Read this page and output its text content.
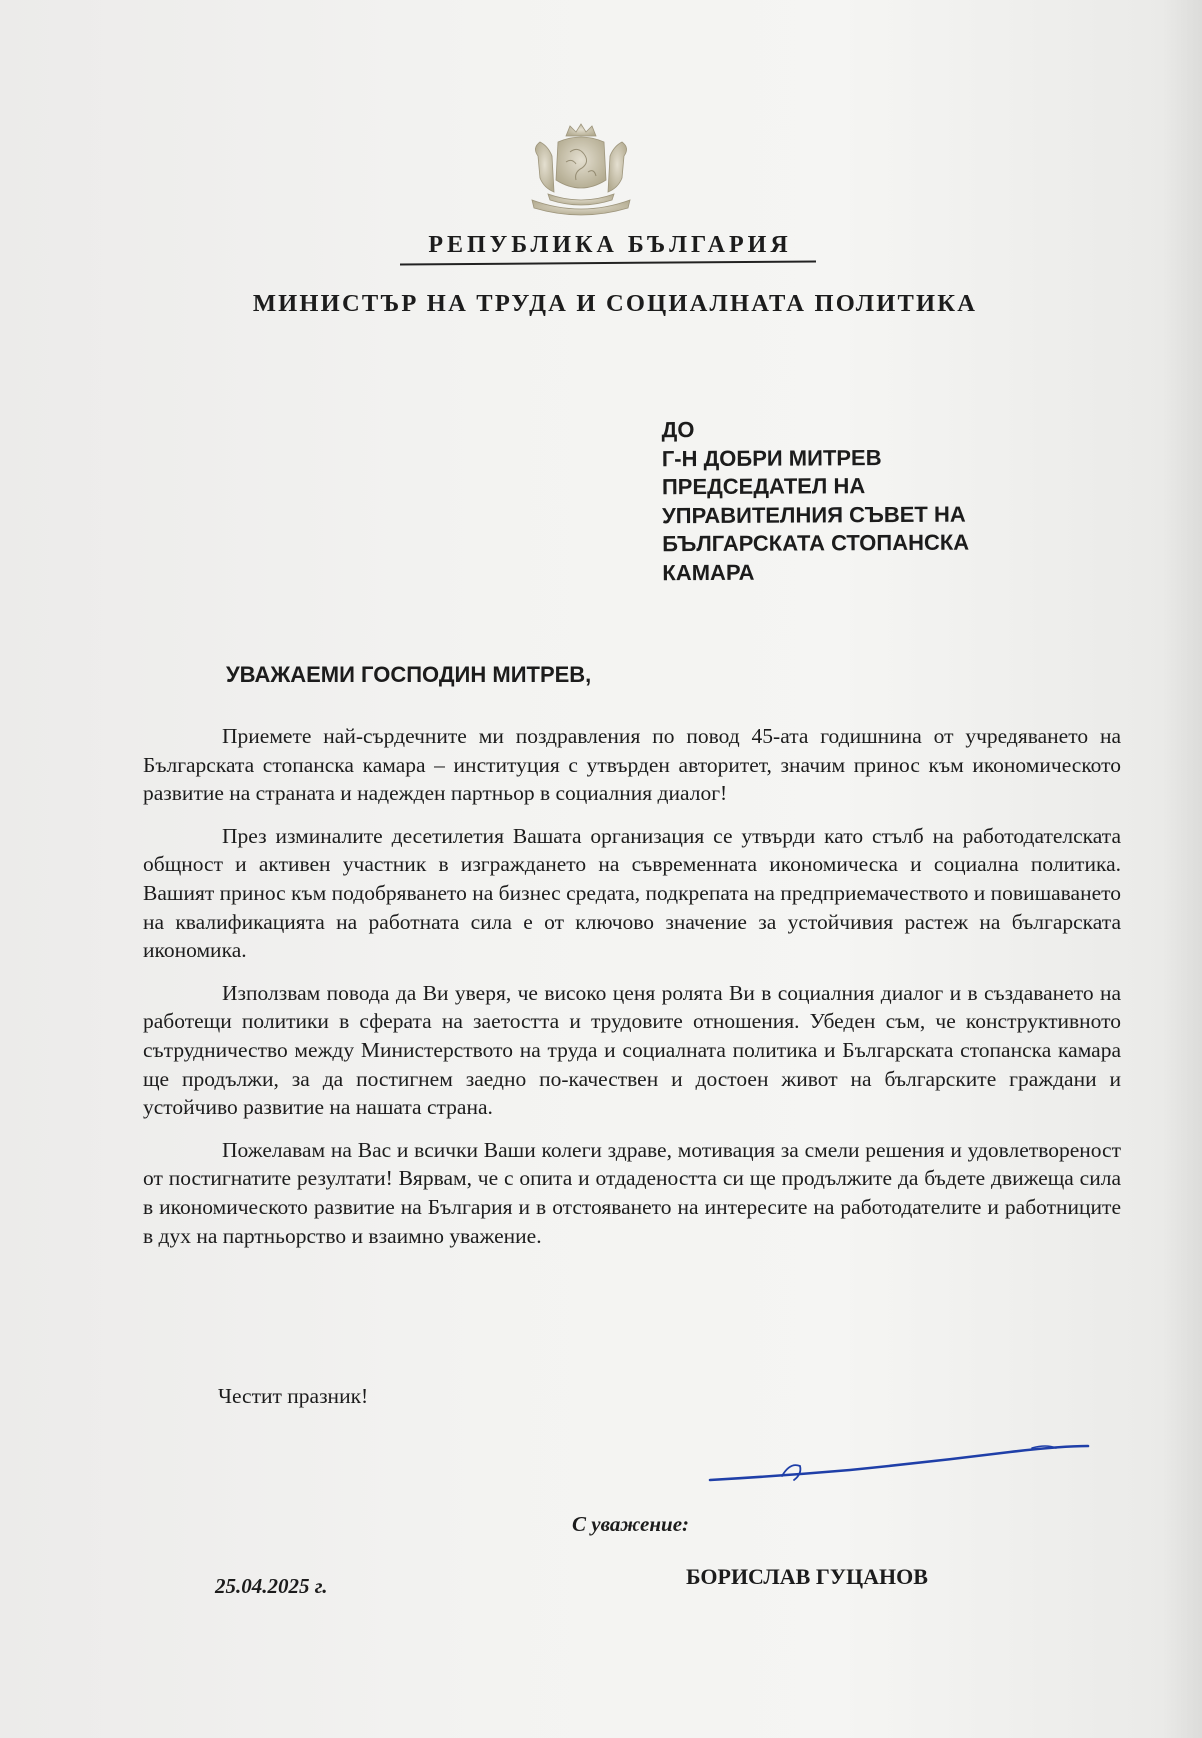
РЕПУБЛИКА БЪЛГАРИЯ
МИНИСТЪР НА ТРУДА И СОЦИАЛНАТА ПОЛИТИКА
ДО
Г-Н ДОБРИ МИТРЕВ
ПРЕДСЕДАТЕЛ НА
УПРАВИТЕЛНИЯ СЪВЕТ НА
БЪЛГАРСКАТА СТОПАНСКА
КАМАРА
УВАЖАЕМИ ГОСПОДИН МИТРЕВ,

Приемете най-сърдечните ми поздравления по повод 45-ата годишнина от учредяването на Българската стопанска камара – институция с утвърден авторитет, значим принос към икономическото развитие на страната и надежден партньор в социалния диалог!

През изминалите десетилетия Вашата организация се утвърди като стълб на работодателската общност и активен участник в изграждането на съвременната икономическа и социална политика. Вашият принос към подобряването на бизнес средата, подкрепата на предприемачеството и повишаването на квалификацията на работната сила е от ключово значение за устойчивия растеж на българската икономика.

Използвам повода да Ви уверя, че високо ценя ролята Ви в социалния диалог и в създаването на работещи политики в сферата на заетостта и трудовите отношения. Убеден съм, че конструктивното сътрудничество между Министерството на труда и социалната политика и Българската стопанска камара ще продължи, за да постигнем заедно по-качествен и достоен живот на българските граждани и устойчиво развитие на нашата страна.

Пожелавам на Вас и всички Ваши колеги здраве, мотивация за смели решения и удовлетвореност от постигнатите резултати! Вярвам, че с опита и отдадеността си ще продължите да бъдете движеща сила в икономическото развитие на България и в отстояването на интересите на работодателите и работниците в дух на партньорство и взаимно уважение.

Честит празник!
С уважение:
25.04.2025 г.	БОРИСЛАВ ГУЦАНОВ
